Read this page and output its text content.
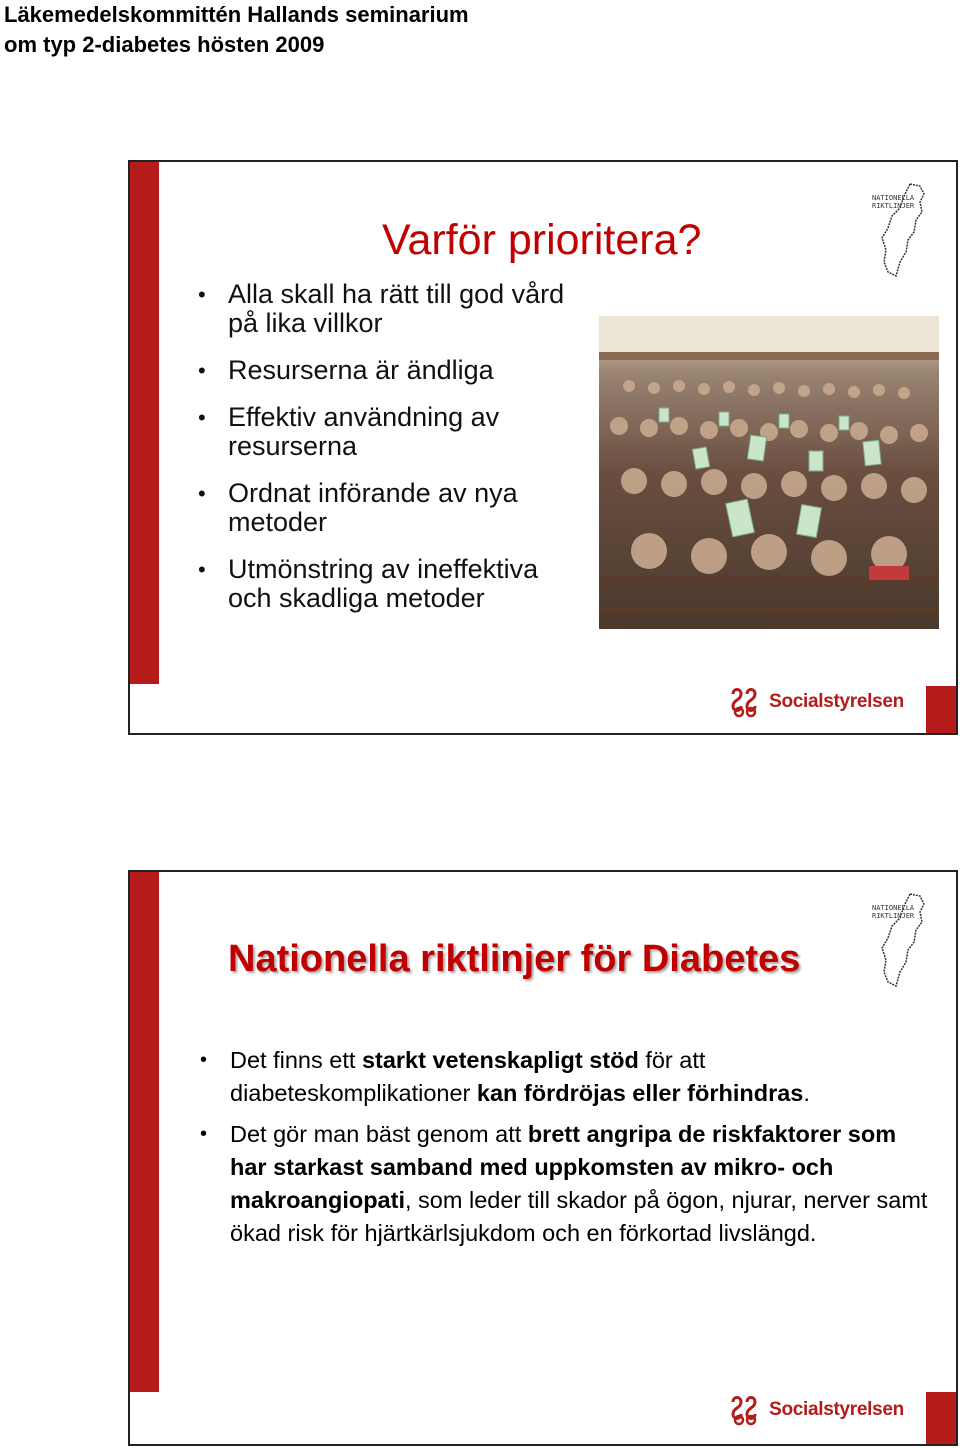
Läkemedelskommittén Hallands seminarium
om typ 2-diabetes hösten 2009
NATIONELLA
RIKTLINJER
Varför prioritera?
• Alla skall ha rätt till god vård på lika villkor
• Resurserna är ändliga
• Effektiv användning av resurserna
• Ordnat införande av nya metoder
• Utmönstring av ineffektiva och skadliga metoder
Socialstyrelsen
NATIONELLA
RIKTLINJER
Nationella riktlinjer för Diabetes
• Det finns ett starkt vetenskapligt stöd för att diabeteskomplikationer kan fördröjas eller förhindras.
• Det gör man bäst genom att brett angripa de riskfaktorer som har starkast samband med uppkomsten av mikro- och makroangiopati, som leder till skador på ögon, njurar, nerver samt ökad risk för hjärtkärlsjukdom och en förkortad livslängd.
Socialstyrelsen
